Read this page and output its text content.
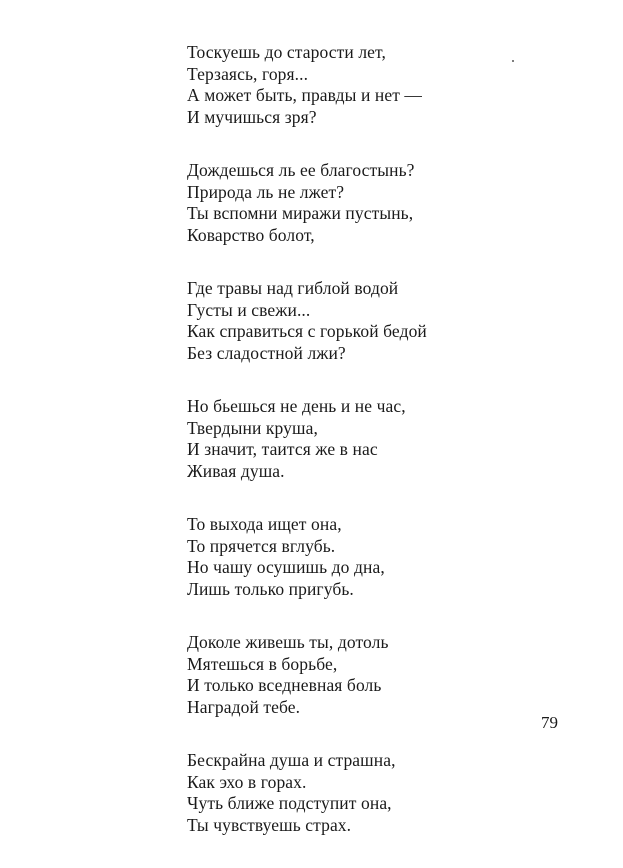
Тоскуешь до старости лет,
Терзаясь, горя...
А может быть, правды и нет —
И мучишься зря?
Дождешься ль ее благостынь?
Природа ль не лжет?
Ты вспомни миражи пустынь,
Коварство болот,
Где травы над гиблой водой
Густы и свежи...
Как справиться с горькой бедой
Без сладостной лжи?
Но бьешься не день и не час,
Твердыни круша,
И значит, таится же в нас
Живая душа.
То выхода ищет она,
То прячется вглубь.
Но чашу осушишь до дна,
Лишь только пригубь.
Доколе живешь ты, дотоль
Мятешься в борьбе,
И только вседневная боль
Наградой тебе.
Бескрайна душа и страшна,
Как эхо в горах.
Чуть ближе подступит она,
Ты чувствуешь страх.
79
